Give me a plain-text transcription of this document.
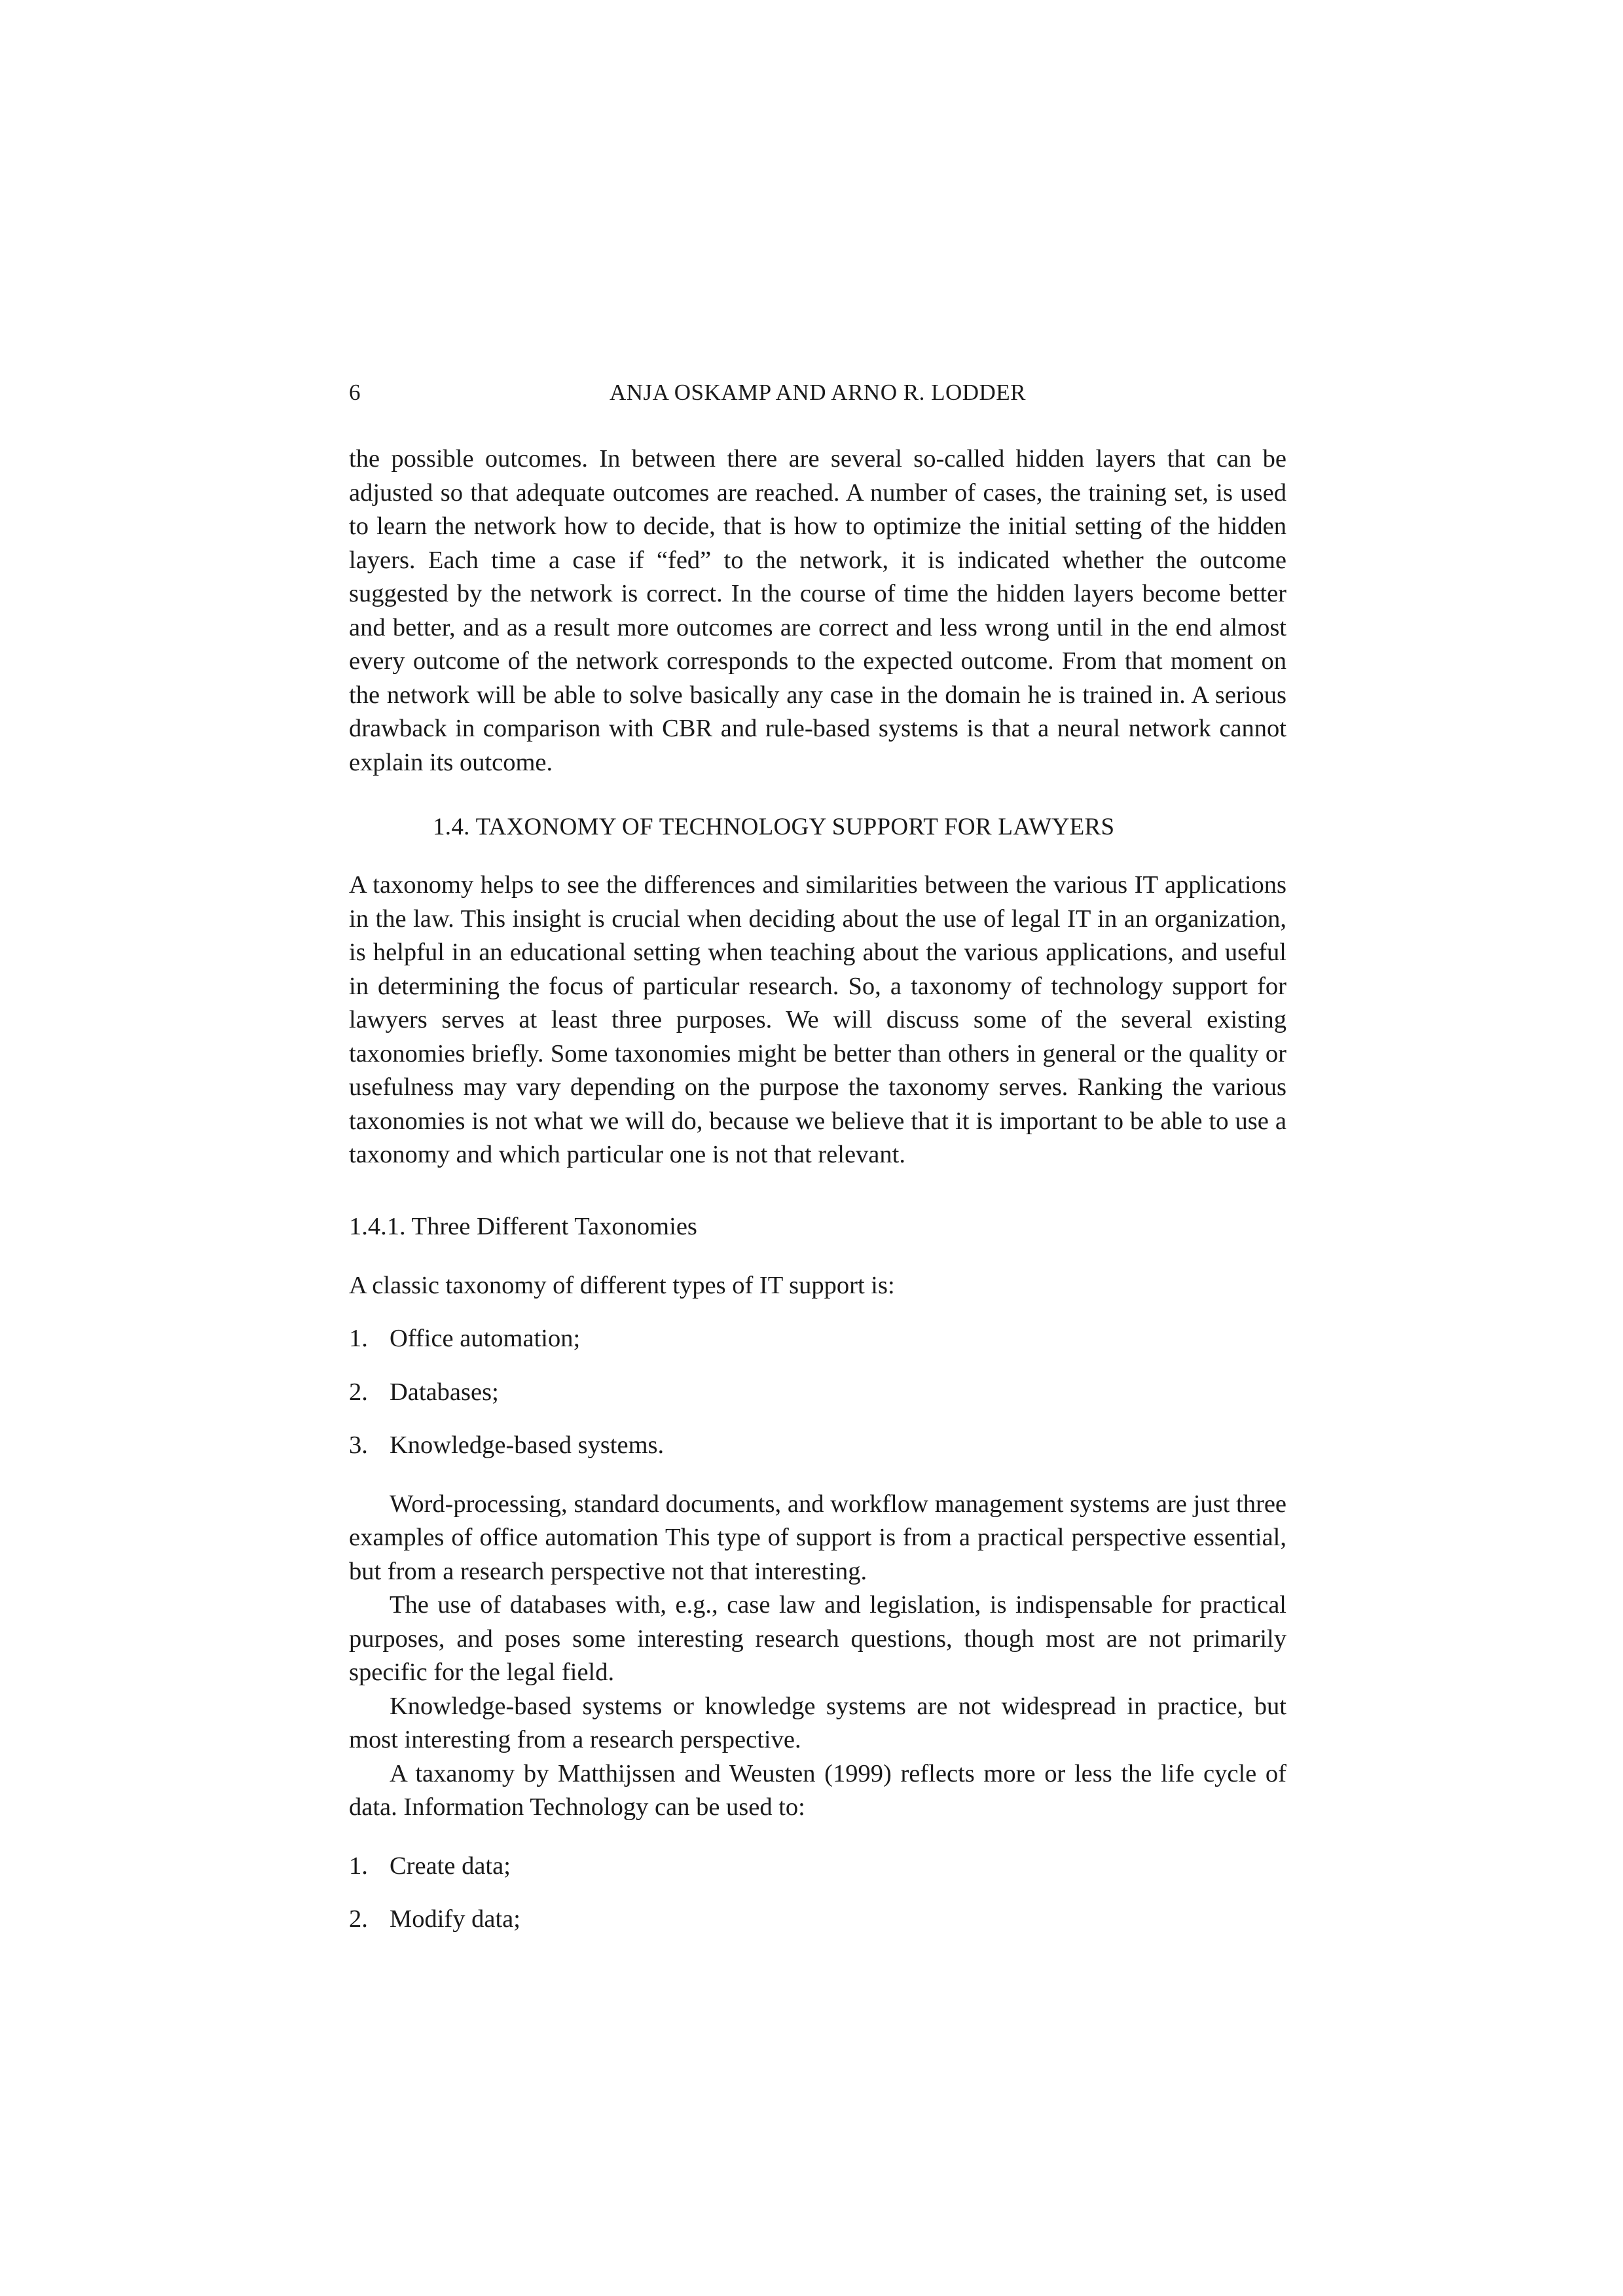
6	ANJA OSKAMP AND ARNO R. LODDER

the possible outcomes. In between there are several so-called hidden layers that can be adjusted so that adequate outcomes are reached. A number of cases, the training set, is used to learn the network how to decide, that is how to optimize the initial setting of the hidden layers. Each time a case if “fed” to the network, it is indicated whether the outcome suggested by the network is correct. In the course of time the hidden layers become better and better, and as a result more outcomes are correct and less wrong until in the end almost every outcome of the network corresponds to the expected outcome. From that moment on the network will be able to solve basically any case in the domain he is trained in. A serious drawback in comparison with CBR and rule-based systems is that a neural network cannot explain its outcome.

1.4. TAXONOMY OF TECHNOLOGY SUPPORT FOR LAWYERS

A taxonomy helps to see the differences and similarities between the various IT applications in the law. This insight is crucial when deciding about the use of legal IT in an organization, is helpful in an educational setting when teaching about the various applications, and useful in determining the focus of particular research. So, a taxonomy of technology support for lawyers serves at least three purposes. We will discuss some of the several existing taxonomies briefly. Some taxonomies might be better than others in general or the quality or usefulness may vary depending on the purpose the taxonomy serves. Ranking the various taxonomies is not what we will do, because we believe that it is important to be able to use a taxonomy and which particular one is not that relevant.

1.4.1. Three Different Taxonomies

A classic taxonomy of different types of IT support is:

1. Office automation;
2. Databases;
3. Knowledge-based systems.

Word-processing, standard documents, and workflow management systems are just three examples of office automation This type of support is from a practical perspective essential, but from a research perspective not that interesting.

The use of databases with, e.g., case law and legislation, is indispensable for practical purposes, and poses some interesting research questions, though most are not primarily specific for the legal field.

Knowledge-based systems or knowledge systems are not widespread in practice, but most interesting from a research perspective.

A taxanomy by Matthijssen and Weusten (1999) reflects more or less the life cycle of data. Information Technology can be used to:

1. Create data;
2. Modify data;
